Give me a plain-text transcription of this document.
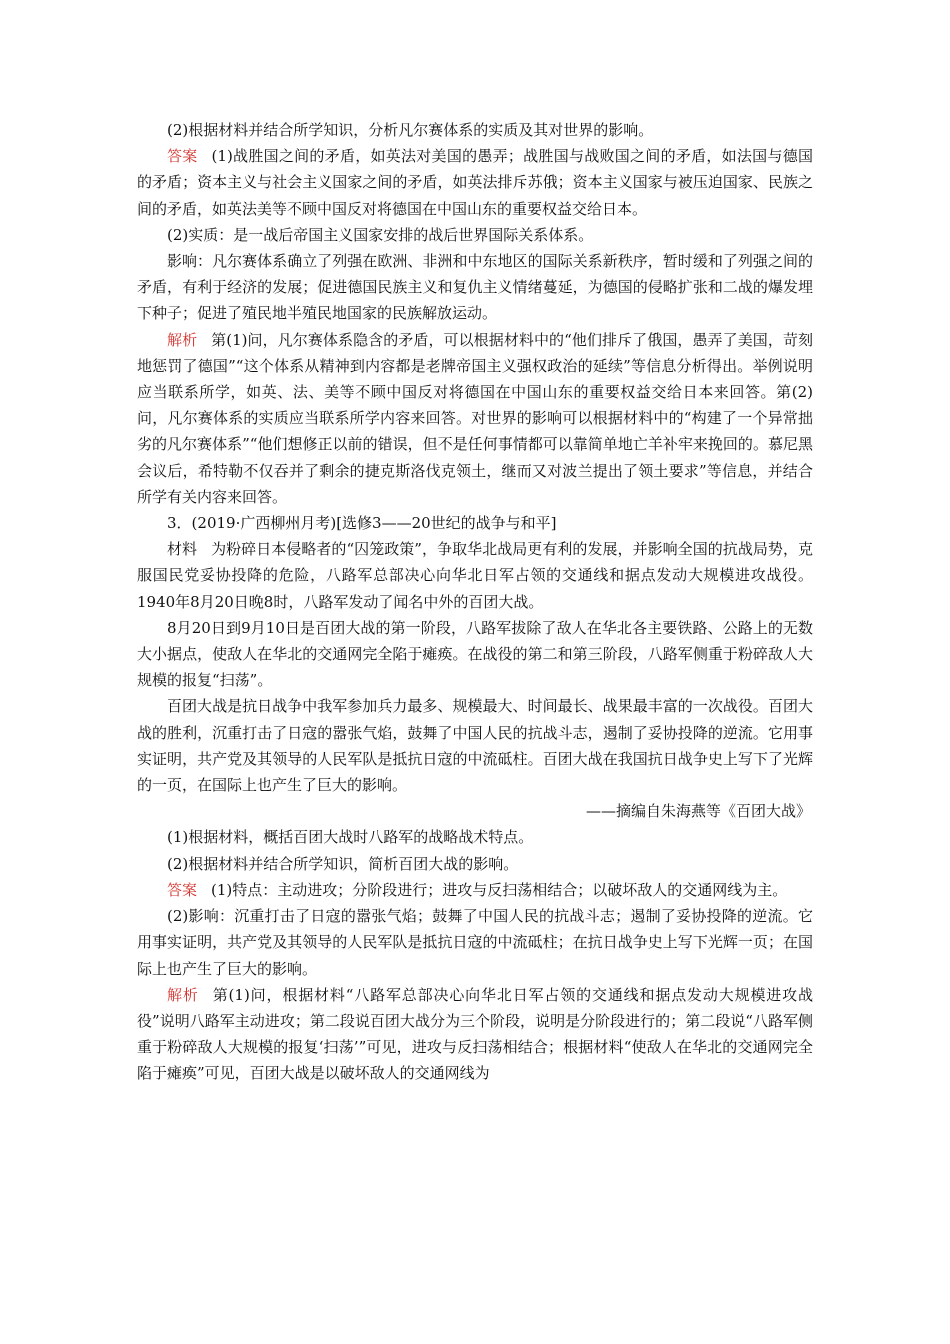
(2)根据材料并结合所学知识，分析凡尔赛体系的实质及其对世界的影响。

答案 (1)战胜国之间的矛盾，如英法对美国的愚弄；战胜国与战败国之间的矛盾，如法国与德国的矛盾；资本主义与社会主义国家之间的矛盾，如英法排斥苏俄；资本主义国家与被压迫国家、民族之间的矛盾，如英法美等不顾中国反对将德国在中国山东的重要权益交给日本。

(2)实质：是一战后帝国主义国家安排的战后世界国际关系体系。

影响：凡尔赛体系确立了列强在欧洲、非洲和中东地区的国际关系新秩序，暂时缓和了列强之间的矛盾，有利于经济的发展；促进德国民族主义和复仇主义情绪蔓延，为德国的侵略扩张和二战的爆发埋下种子；促进了殖民地半殖民地国家的民族解放运动。

解析 第(1)问，凡尔赛体系隐含的矛盾，可以根据材料中的“他们排斥了俄国，愚弄了美国，苛刻地惩罚了德国”“这个体系从精神到内容都是老牌帝国主义强权政治的延续”等信息分析得出。举例说明应当联系所学，如英、法、美等不顾中国反对将德国在中国山东的重要权益交给日本来回答。第(2)问，凡尔赛体系的实质应当联系所学内容来回答。对世界的影响可以根据材料中的“构建了一个异常拙劣的凡尔赛体系”“他们想修正以前的错误，但不是任何事情都可以靠简单地亡羊补牢来挽回的。慕尼黑会议后，希特勒不仅吞并了剩余的捷克斯洛伐克领土，继而又对波兰提出了领土要求”等信息，并结合所学有关内容来回答。

3．(2019·广西柳州月考)[选修3——20世纪的战争与和平]

材料 为粉碎日本侵略者的“囚笼政策”，争取华北战局更有利的发展，并影响全国的抗战局势，克服国民党妥协投降的危险，八路军总部决心向华北日军占领的交通线和据点发动大规模进攻战役。1940年8月20日晚8时，八路军发动了闻名中外的百团大战。

8月20日到9月10日是百团大战的第一阶段，八路军拔除了敌人在华北各主要铁路、公路上的无数大小据点，使敌人在华北的交通网完全陷于瘫痪。在战役的第二和第三阶段，八路军侧重于粉碎敌人大规模的报复“扫荡”。

百团大战是抗日战争中我军参加兵力最多、规模最大、时间最长、战果最丰富的一次战役。百团大战的胜利，沉重打击了日寇的嚣张气焰，鼓舞了中国人民的抗战斗志，遏制了妥协投降的逆流。它用事实证明，共产党及其领导的人民军队是抵抗日寇的中流砥柱。百团大战在我国抗日战争史上写下了光辉的一页，在国际上也产生了巨大的影响。

——摘编自朱海燕等《百团大战》

(1)根据材料，概括百团大战时八路军的战略战术特点。

(2)根据材料并结合所学知识，简析百团大战的影响。

答案 (1)特点：主动进攻；分阶段进行；进攻与反扫荡相结合；以破坏敌人的交通网线为主。

(2)影响：沉重打击了日寇的嚣张气焰；鼓舞了中国人民的抗战斗志；遏制了妥协投降的逆流。它用事实证明，共产党及其领导的人民军队是抵抗日寇的中流砥柱；在抗日战争史上写下光辉一页；在国际上也产生了巨大的影响。

解析 第(1)问，根据材料“八路军总部决心向华北日军占领的交通线和据点发动大规模进攻战役”说明八路军主动进攻；第二段说百团大战分为三个阶段，说明是分阶段进行的；第二段说“八路军侧重于粉碎敌人大规模的报复‘扫荡’”可见，进攻与反扫荡相结合；根据材料“使敌人在华北的交通网完全陷于瘫痪”可见，百团大战是以破坏敌人的交通网线为
